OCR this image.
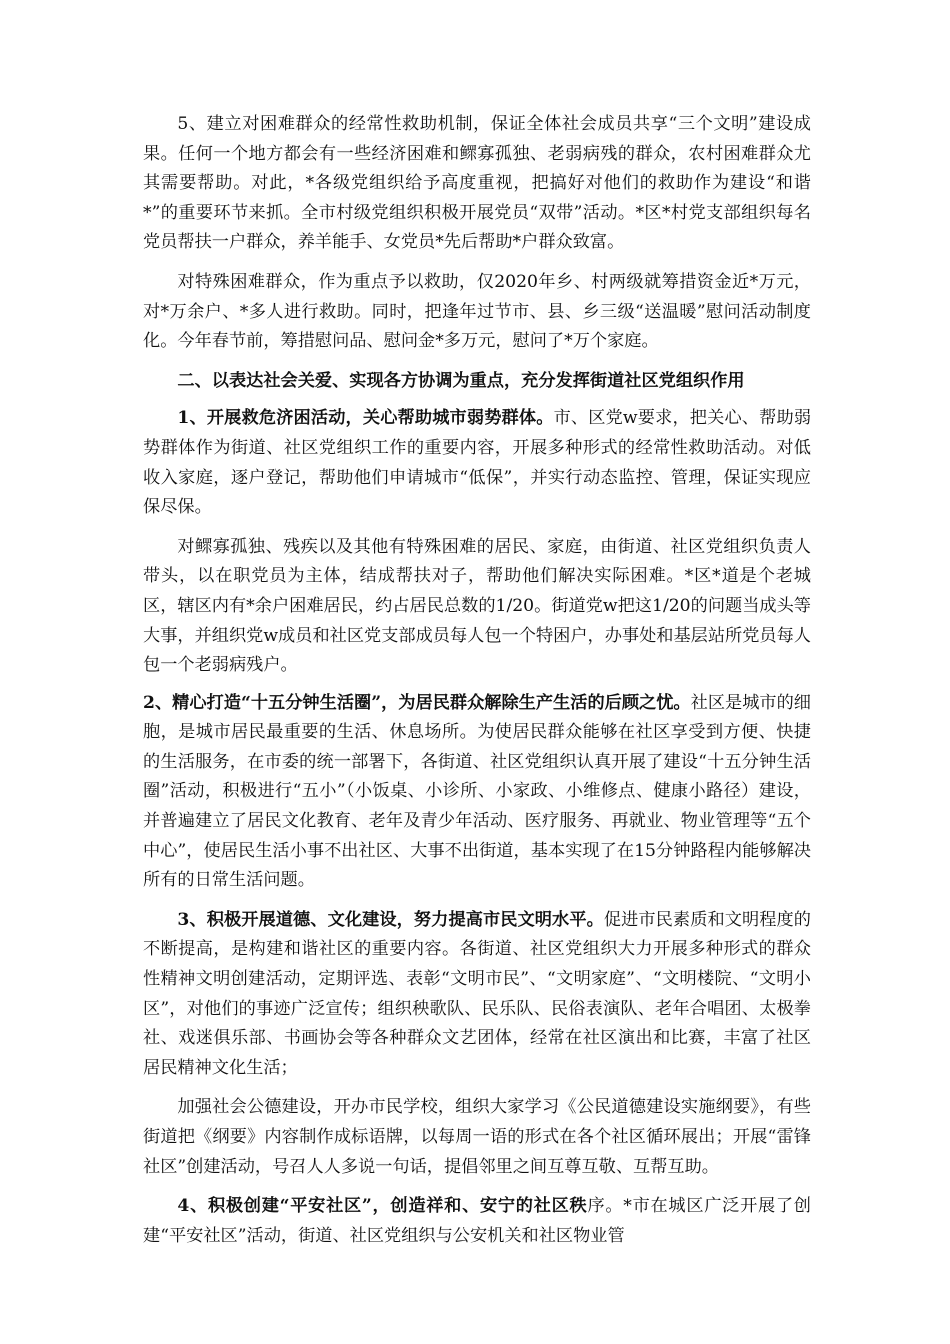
5、建立对困难群众的经常性救助机制，保证全体社会成员共享“三个文明”建设成果。任何一个地方都会有一些经济困难和鳏寡孤独、老弱病残的群众，农村困难群众尤其需要帮助。对此，*各级党组织给予高度重视，把搞好对他们的救助作为建设“和谐*”的重要环节来抓。全市村级党组织积极开展党员“双带”活动。*区*村党支部组织每名党员帮扶一户群众，养羊能手、女党员*先后帮助*户群众致富。

对特殊困难群众，作为重点予以救助，仅2020年乡、村两级就筹措资金近*万元，对*万余户、*多人进行救助。同时，把逢年过节市、县、乡三级“送温暖”慰问活动制度化。今年春节前，筹措慰问品、慰问金*多万元，慰问了*万个家庭。

二、以表达社会关爱、实现各方协调为重点，充分发挥街道社区党组织作用

1、开展救危济困活动，关心帮助城市弱势群体。市、区党w要求，把关心、帮助弱势群体作为街道、社区党组织工作的重要内容，开展多种形式的经常性救助活动。对低收入家庭，逐户登记，帮助他们申请城市“低保”，并实行动态监控、管理，保证实现应保尽保。

对鳏寡孤独、残疾以及其他有特殊困难的居民、家庭，由街道、社区党组织负责人带头，以在职党员为主体，结成帮扶对子，帮助他们解决实际困难。*区*道是个老城区，辖区内有*余户困难居民，约占居民总数的1/20。街道党w把这1/20的问题当成头等大事，并组织党w成员和社区党支部成员每人包一个特困户，办事处和基层站所党员每人包一个老弱病残户。

2、精心打造“十五分钟生活圈”，为居民群众解除生产生活的后顾之忧。社区是城市的细胞，是城市居民最重要的生活、休息场所。为使居民群众能够在社区享受到方便、快捷的生活服务，在市委的统一部署下，各街道、社区党组织认真开展了建设“十五分钟生活圈”活动，积极进行“五小”（小饭桌、小诊所、小家政、小维修点、健康小路径）建设，并普遍建立了居民文化教育、老年及青少年活动、医疗服务、再就业、物业管理等“五个中心”，使居民生活小事不出社区、大事不出街道，基本实现了在15分钟路程内能够解决所有的日常生活问题。

3、积极开展道德、文化建设，努力提高市民文明水平。促进市民素质和文明程度的不断提高，是构建和谐社区的重要内容。各街道、社区党组织大力开展多种形式的群众性精神文明创建活动，定期评选、表彰“文明市民”、“文明家庭”、“文明楼院、“文明小区”，对他们的事迹广泛宣传；组织秧歌队、民乐队、民俗表演队、老年合唱团、太极拳社、戏迷俱乐部、书画协会等各种群众文艺团体，经常在社区演出和比赛，丰富了社区居民精神文化生活；

加强社会公德建设，开办市民学校，组织大家学习《公民道德建设实施纲要》，有些街道把《纲要》内容制作成标语牌，以每周一语的形式在各个社区循环展出；开展“雷锋社区”创建活动，号召人人多说一句话，提倡邻里之间互尊互敬、互帮互助。

4、积极创建“平安社区”，创造祥和、安宁的社区秩序。*市在城区广泛开展了创建“平安社区”活动，街道、社区党组织与公安机关和社区物业管
